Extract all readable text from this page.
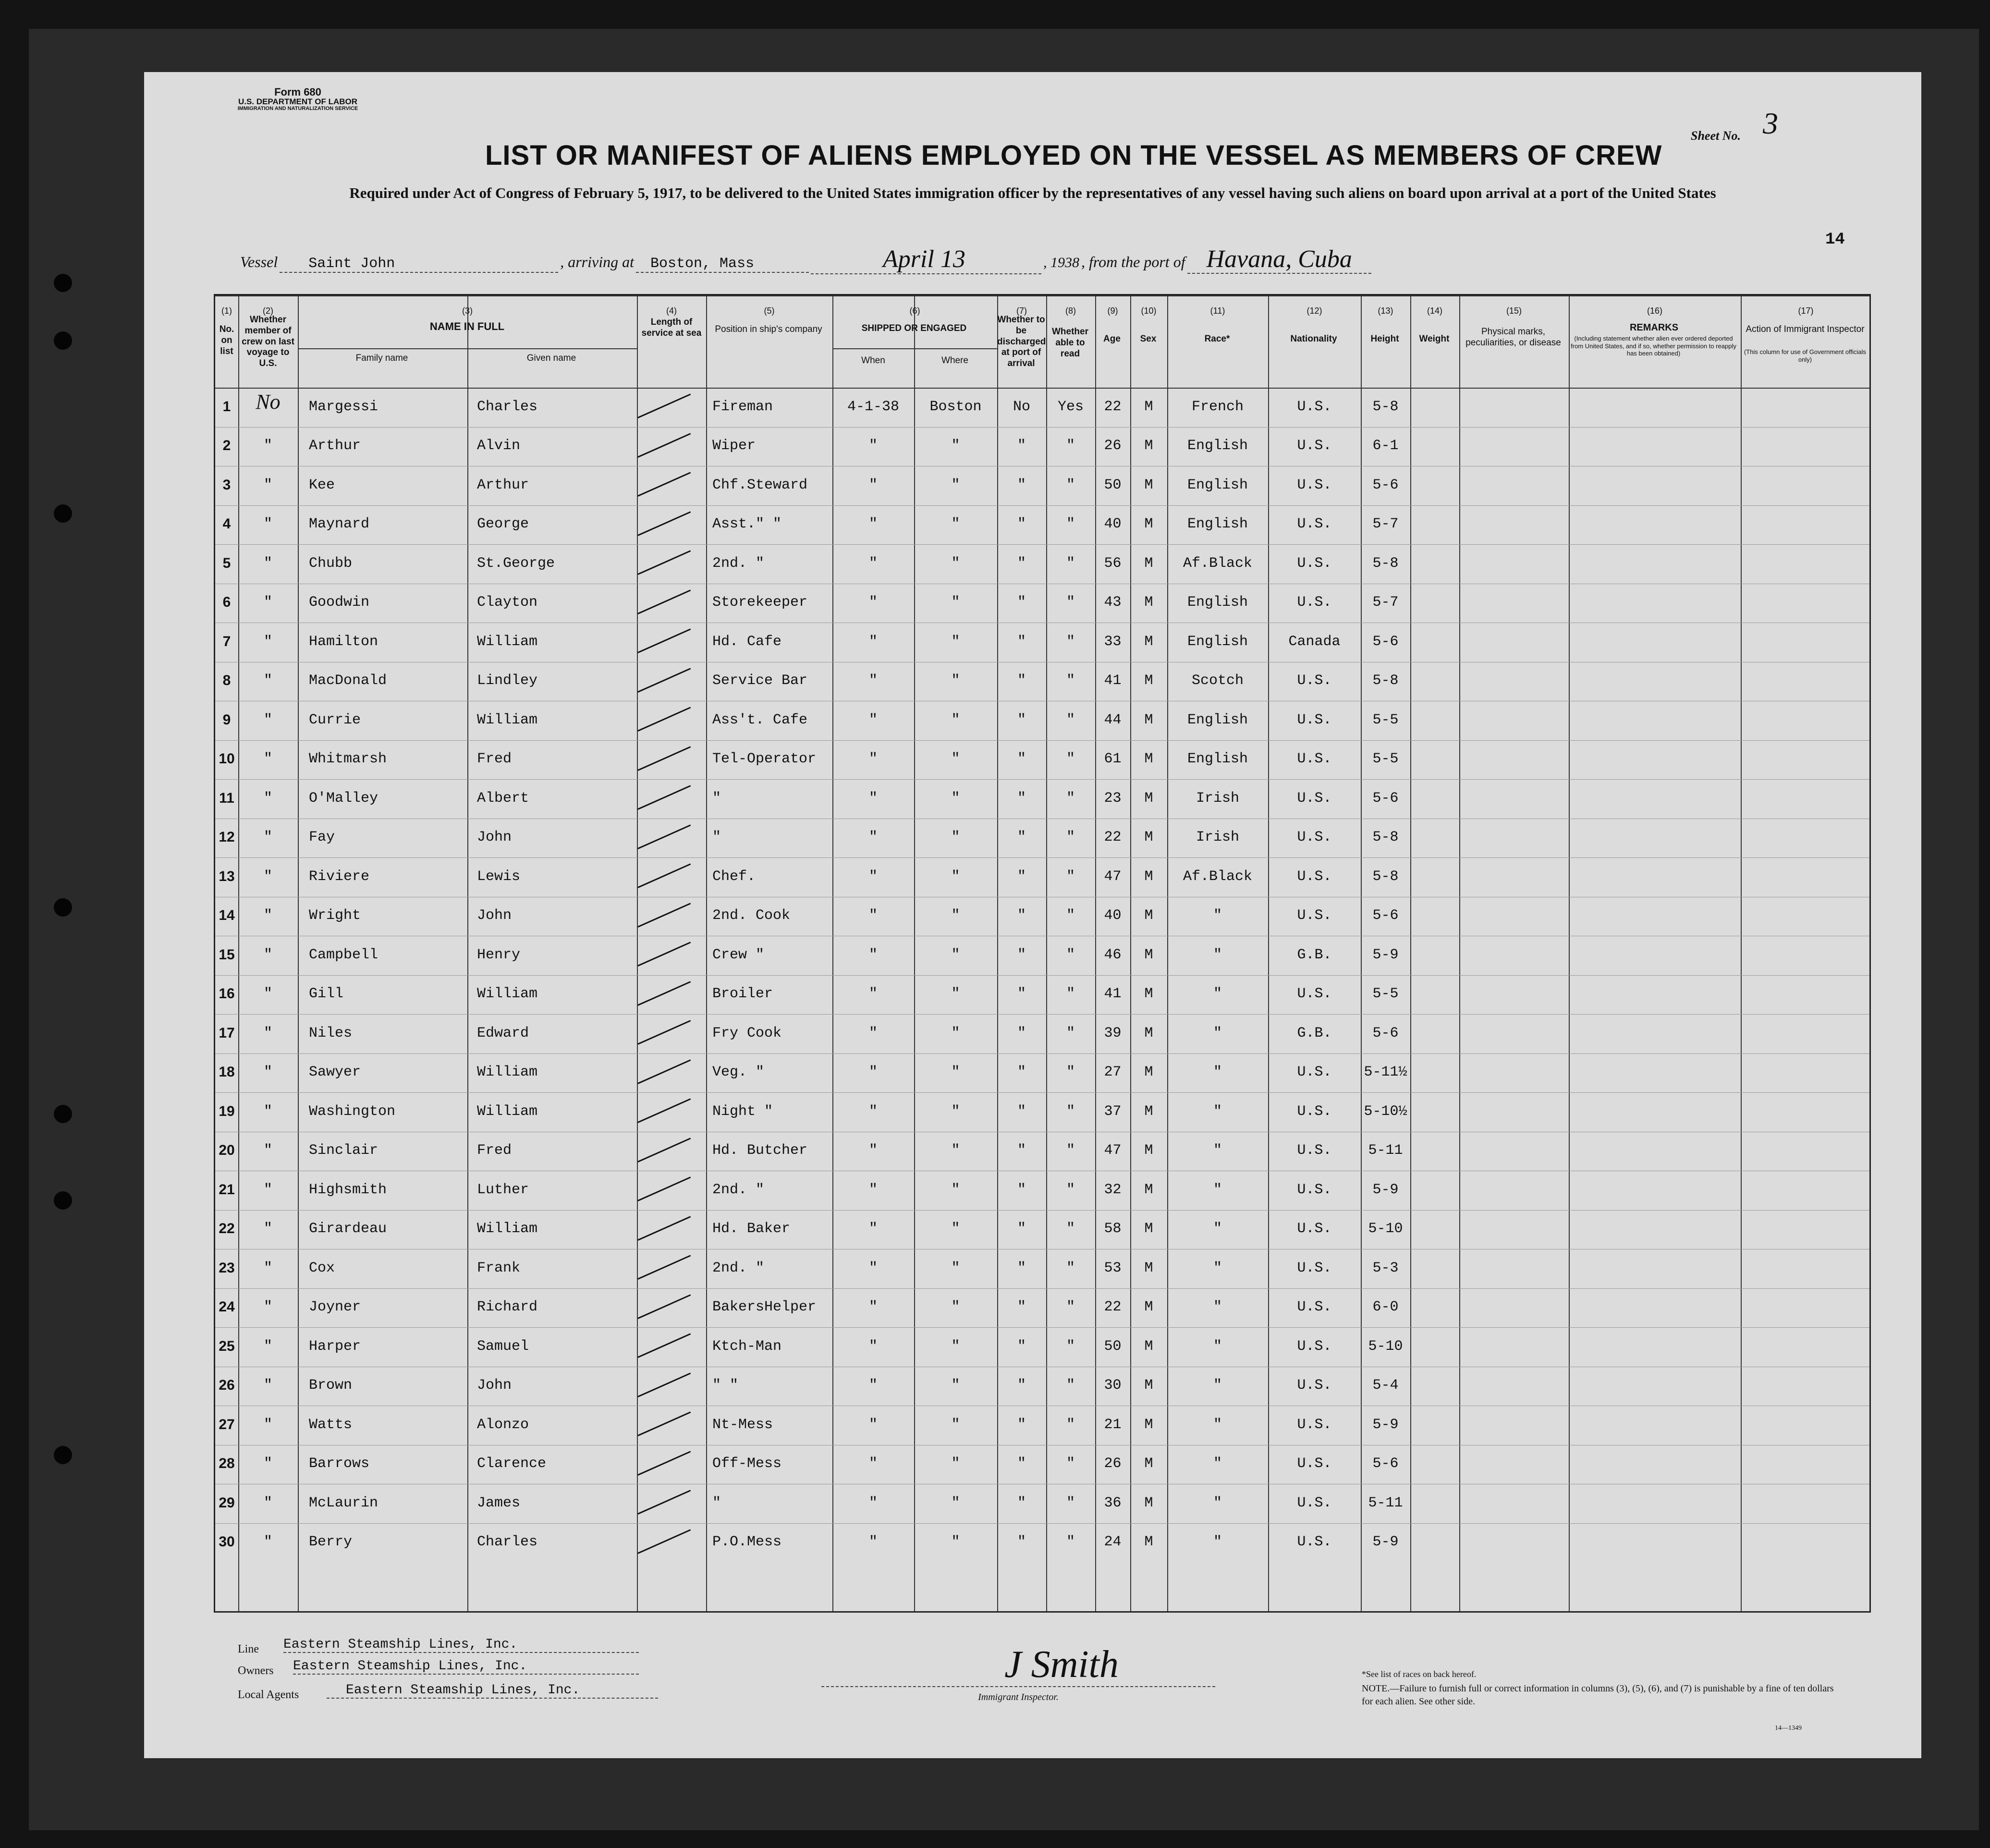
Form 680
U.S. DEPARTMENT OF LABOR
IMMIGRATION AND NATURALIZATION SERVICE
Sheet No. 3
LIST OR MANIFEST OF ALIENS EMPLOYED ON THE VESSEL AS MEMBERS OF CREW
Required under Act of Congress of February 5, 1917, to be delivered to the United States immigration officer by the representatives of any vessel having such aliens on board upon arrival at a port of the United States
14
Vessel Saint John	, arriving at Boston, Mass	April 13	, 1938 , from the port of Havana, Cuba
No. on list
Whether member of crew on last voyage to U.S.
NAME IN FULL
Family name	Given name
Length of service at sea	Position in ship's company	SHIPPED OR ENGAGED
When	Where
Whether to be discharged at port of arrival
Whether able to read
Age	Sex	Race*	Nationality	Height	Weight
Physical marks, peculiarities, or disease
REMARKS
(Including statement whether alien ever ordered deported from United States, and if so, whether permission to reapply has been obtained)
Action of Immigrant Inspector
(This column for use of Government officials only)
(1)	(2)	(3)	(4)	(5)	(6)	(7)	(8)	(9)	(10)	(11)	(12)	(13)	(14)	(15)	(16)	(17)
1	No	Margessi	Charles	Fireman	4-1-38	Boston	No	Yes	22	M	French	U.S.	5-8
2	"	Arthur	Alvin	Wiper	"	"	"	"	26	M	English	U.S.	6-1
3	"	Kee	Arthur	Chf.Steward	"	"	"	"	50	M	English	U.S.	5-6
4	"	Maynard	George	Asst." "	"	"	"	"	40	M	English	U.S.	5-7
5	"	Chubb	St.George	2nd. "	"	"	"	"	56	M	Af.Black	U.S.	5-8
6	"	Goodwin	Clayton	Storekeeper	"	"	"	"	43	M	English	U.S.	5-7
7	"	Hamilton	William	Hd. Cafe	"	"	"	"	33	M	English	Canada	5-6
8	"	MacDonald	Lindley	Service Bar	"	"	"	"	41	M	Scotch	U.S.	5-8
9	"	Currie	William	Ass't. Cafe	"	"	"	"	44	M	English	U.S.	5-5
10	"	Whitmarsh	Fred	Tel-Operator	"	"	"	"	61	M	English	U.S.	5-5
11	"	O'Malley	Albert	"	"	"	"	"	23	M	Irish	U.S.	5-6
12	"	Fay	John	"	"	"	"	"	22	M	Irish	U.S.	5-8
13	"	Riviere	Lewis	Chef.	"	"	"	"	47	M	Af.Black	U.S.	5-8
14	"	Wright	John	2nd. Cook	"	"	"	"	40	M	"	U.S.	5-6
15	"	Campbell	Henry	Crew "	"	"	"	"	46	M	"	G.B.	5-9
16	"	Gill	William	Broiler	"	"	"	"	41	M	"	U.S.	5-5
17	"	Niles	Edward	Fry Cook	"	"	"	"	39	M	"	G.B.	5-6
18	"	Sawyer	William	Veg. "	"	"	"	"	27	M	"	U.S.	5-11½
19	"	Washington	William	Night "	"	"	"	"	37	M	"	U.S.	5-10½
20	"	Sinclair	Fred	Hd. Butcher	"	"	"	"	47	M	"	U.S.	5-11
21	"	Highsmith	Luther	2nd. "	"	"	"	"	32	M	"	U.S.	5-9
22	"	Girardeau	William	Hd. Baker	"	"	"	"	58	M	"	U.S.	5-10
23	"	Cox	Frank	2nd. "	"	"	"	"	53	M	"	U.S.	5-3
24	"	Joyner	Richard	BakersHelper	"	"	"	"	22	M	"	U.S.	6-0
25	"	Harper	Samuel	Ktch-Man	"	"	"	"	50	M	"	U.S.	5-10
26	"	Brown	John	" "	"	"	"	"	30	M	"	U.S.	5-4
27	"	Watts	Alonzo	Nt-Mess	"	"	"	"	21	M	"	U.S.	5-9
28	"	Barrows	Clarence	Off-Mess	"	"	"	"	26	M	"	U.S.	5-6
29	"	McLaurin	James	"	"	"	"	"	36	M	"	U.S.	5-11
30	"	Berry	Charles	P.O.Mess	"	"	"	"	24	M	"	U.S.	5-9
Line Eastern Steamship Lines, Inc.
Owners Eastern Steamship Lines, Inc.
Local Agents	Eastern Steamship Lines, Inc.
J Smith
Immigrant Inspector.
*See list of races on back hereof.
NOTE.—Failure to furnish full or correct information in columns (3), (5), (6), and (7) is punishable by a fine of ten dollars for each alien. See other side.
14—1349
